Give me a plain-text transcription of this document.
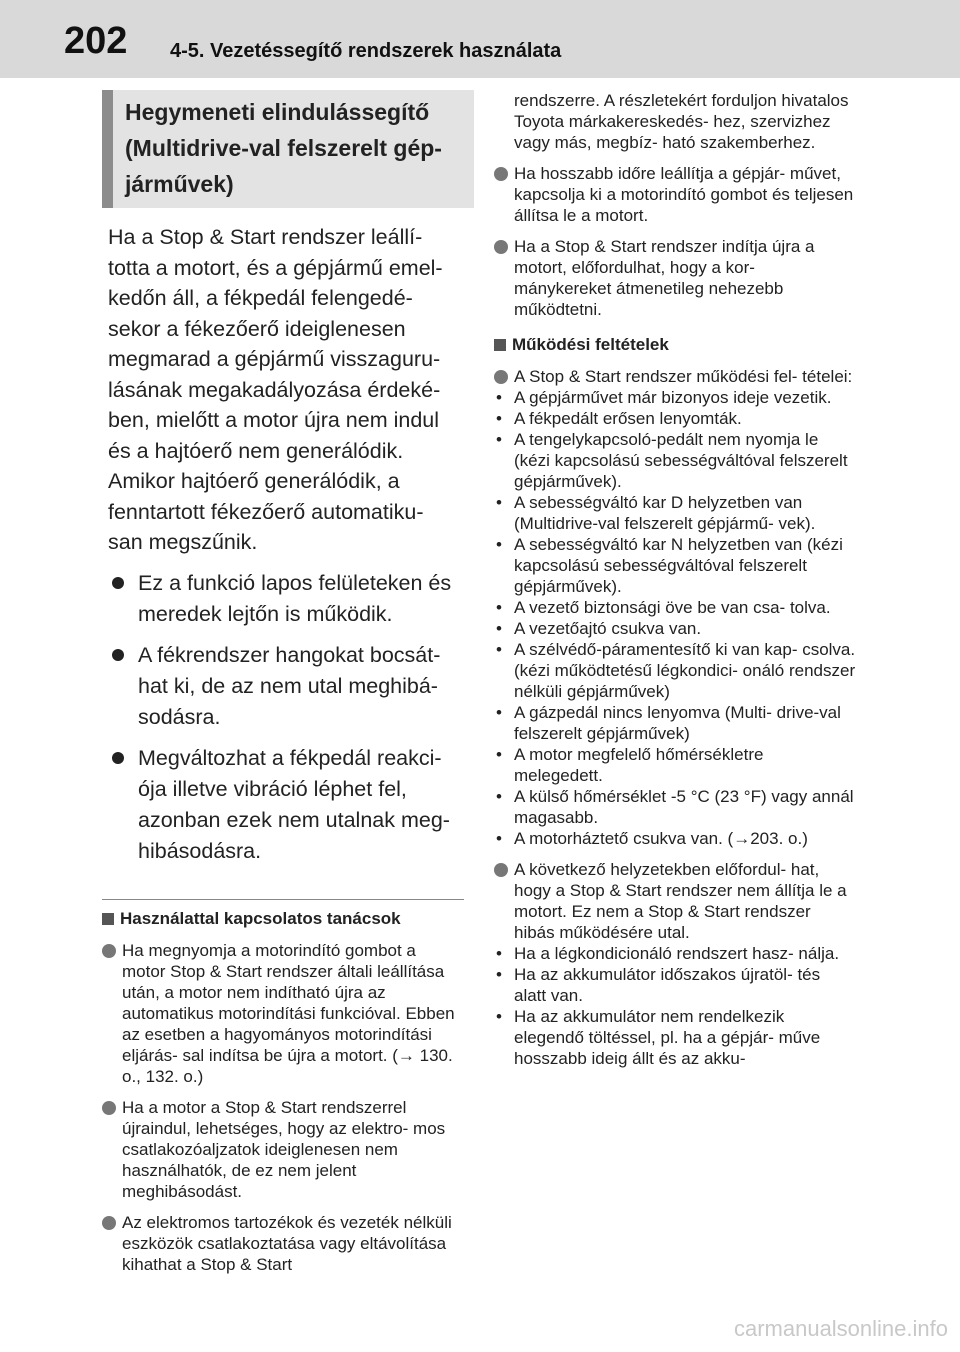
202 4-5. Vezetéssegítő rendszerek használata
Hegymeneti elindulássegítő (Multidrive-val felszerelt gép- járművek)
Ha a Stop & Start rendszer leállí- totta a motort, és a gépjármű emel- kedőn áll, a fékpedál felengedé- sekor a fékezőerő ideiglenesen megmarad a gépjármű visszaguru- lásának megakadályozása érdeké- ben, mielőtt a motor újra nem indul és a hajtóerő nem generálódik. Amikor hajtóerő generálódik, a fenntartott fékezőerő automatiku- san megszűnik.
Ez a funkció lapos felületeken és meredek lejtőn is működik.
A fékrendszer hangokat bocsát- hat ki, de az nem utal meghibá- sodásra.
Megváltozhat a fékpedál reakci- ója illetve vibráció léphet fel, azonban ezek nem utalnak meg- hibásodásra.
Használattal kapcsolatos tanácsok
Ha megnyomja a motorindító gombot a motor Stop & Start rendszer általi leállítása után, a motor nem indítható újra az automatikus motorindítási funkcióval. Ebben az esetben a hagyományos motorindítási eljárás- sal indítsa be újra a motort. (→ 130. o., 132. o.)
Ha a motor a Stop & Start rendszerrel újraindul, lehetséges, hogy az elektro- mos csatlakozóaljzatok ideiglenesen nem használhatók, de ez nem jelent meghibásodást.
Az elektromos tartozékok és vezeték nélküli eszközök csatlakoztatása vagy eltávolítása kihathat a Stop & Start
rendszerre. A részletekért forduljon hivatalos Toyota márkakereskedés- hez, szervizhez vagy más, megbíz- ható szakemberhez.
Ha hosszabb időre leállítja a gépjár- művet, kapcsolja ki a motorindító gombot és teljesen állítsa le a motort.
Ha a Stop & Start rendszer indítja újra a motort, előfordulhat, hogy a kor- mánykereket átmenetileg nehezebb működtetni.
Működési feltételek
A Stop & Start rendszer működési fel- tételei:
• A gépjárművet már bizonyos ideje vezetik.
• A fékpedált erősen lenyomták.
• A tengelykapcsoló-pedált nem nyomja le (kézi kapcsolású sebességváltóval felszerelt gépjárművek).
• A sebességváltó kar D helyzetben van (Multidrive-val felszerelt gépjármű- vek).
• A sebességváltó kar N helyzetben van (kézi kapcsolású sebességváltóval felszerelt gépjárművek).
• A vezető biztonsági öve be van csa- tolva.
• A vezetőajtó csukva van.
• A szélvédő-páramentesítő ki van kap- csolva. (kézi működtetésű légkondici- onáló rendszer nélküli gépjárművek)
• A gázpedál nincs lenyomva (Multi- drive-val felszerelt gépjárművek)
• A motor megfelelő hőmérsékletre melegedett.
• A külső hőmérséklet -5 °C (23 °F) vagy annál magasabb.
• A motorháztető csukva van. (→203. o.)
A következő helyzetekben előfordul- hat, hogy a Stop & Start rendszer nem állítja le a motort. Ez nem a Stop & Start rendszer hibás működésére utal.
• Ha a légkondicionáló rendszert hasz- nálja.
• Ha az akkumulátor időszakos újratöl- tés alatt van.
• Ha az akkumulátor nem rendelkezik elegendő töltéssel, pl. ha a gépjár- műve hosszabb ideig állt és az akku-
carmanualsonline.info
